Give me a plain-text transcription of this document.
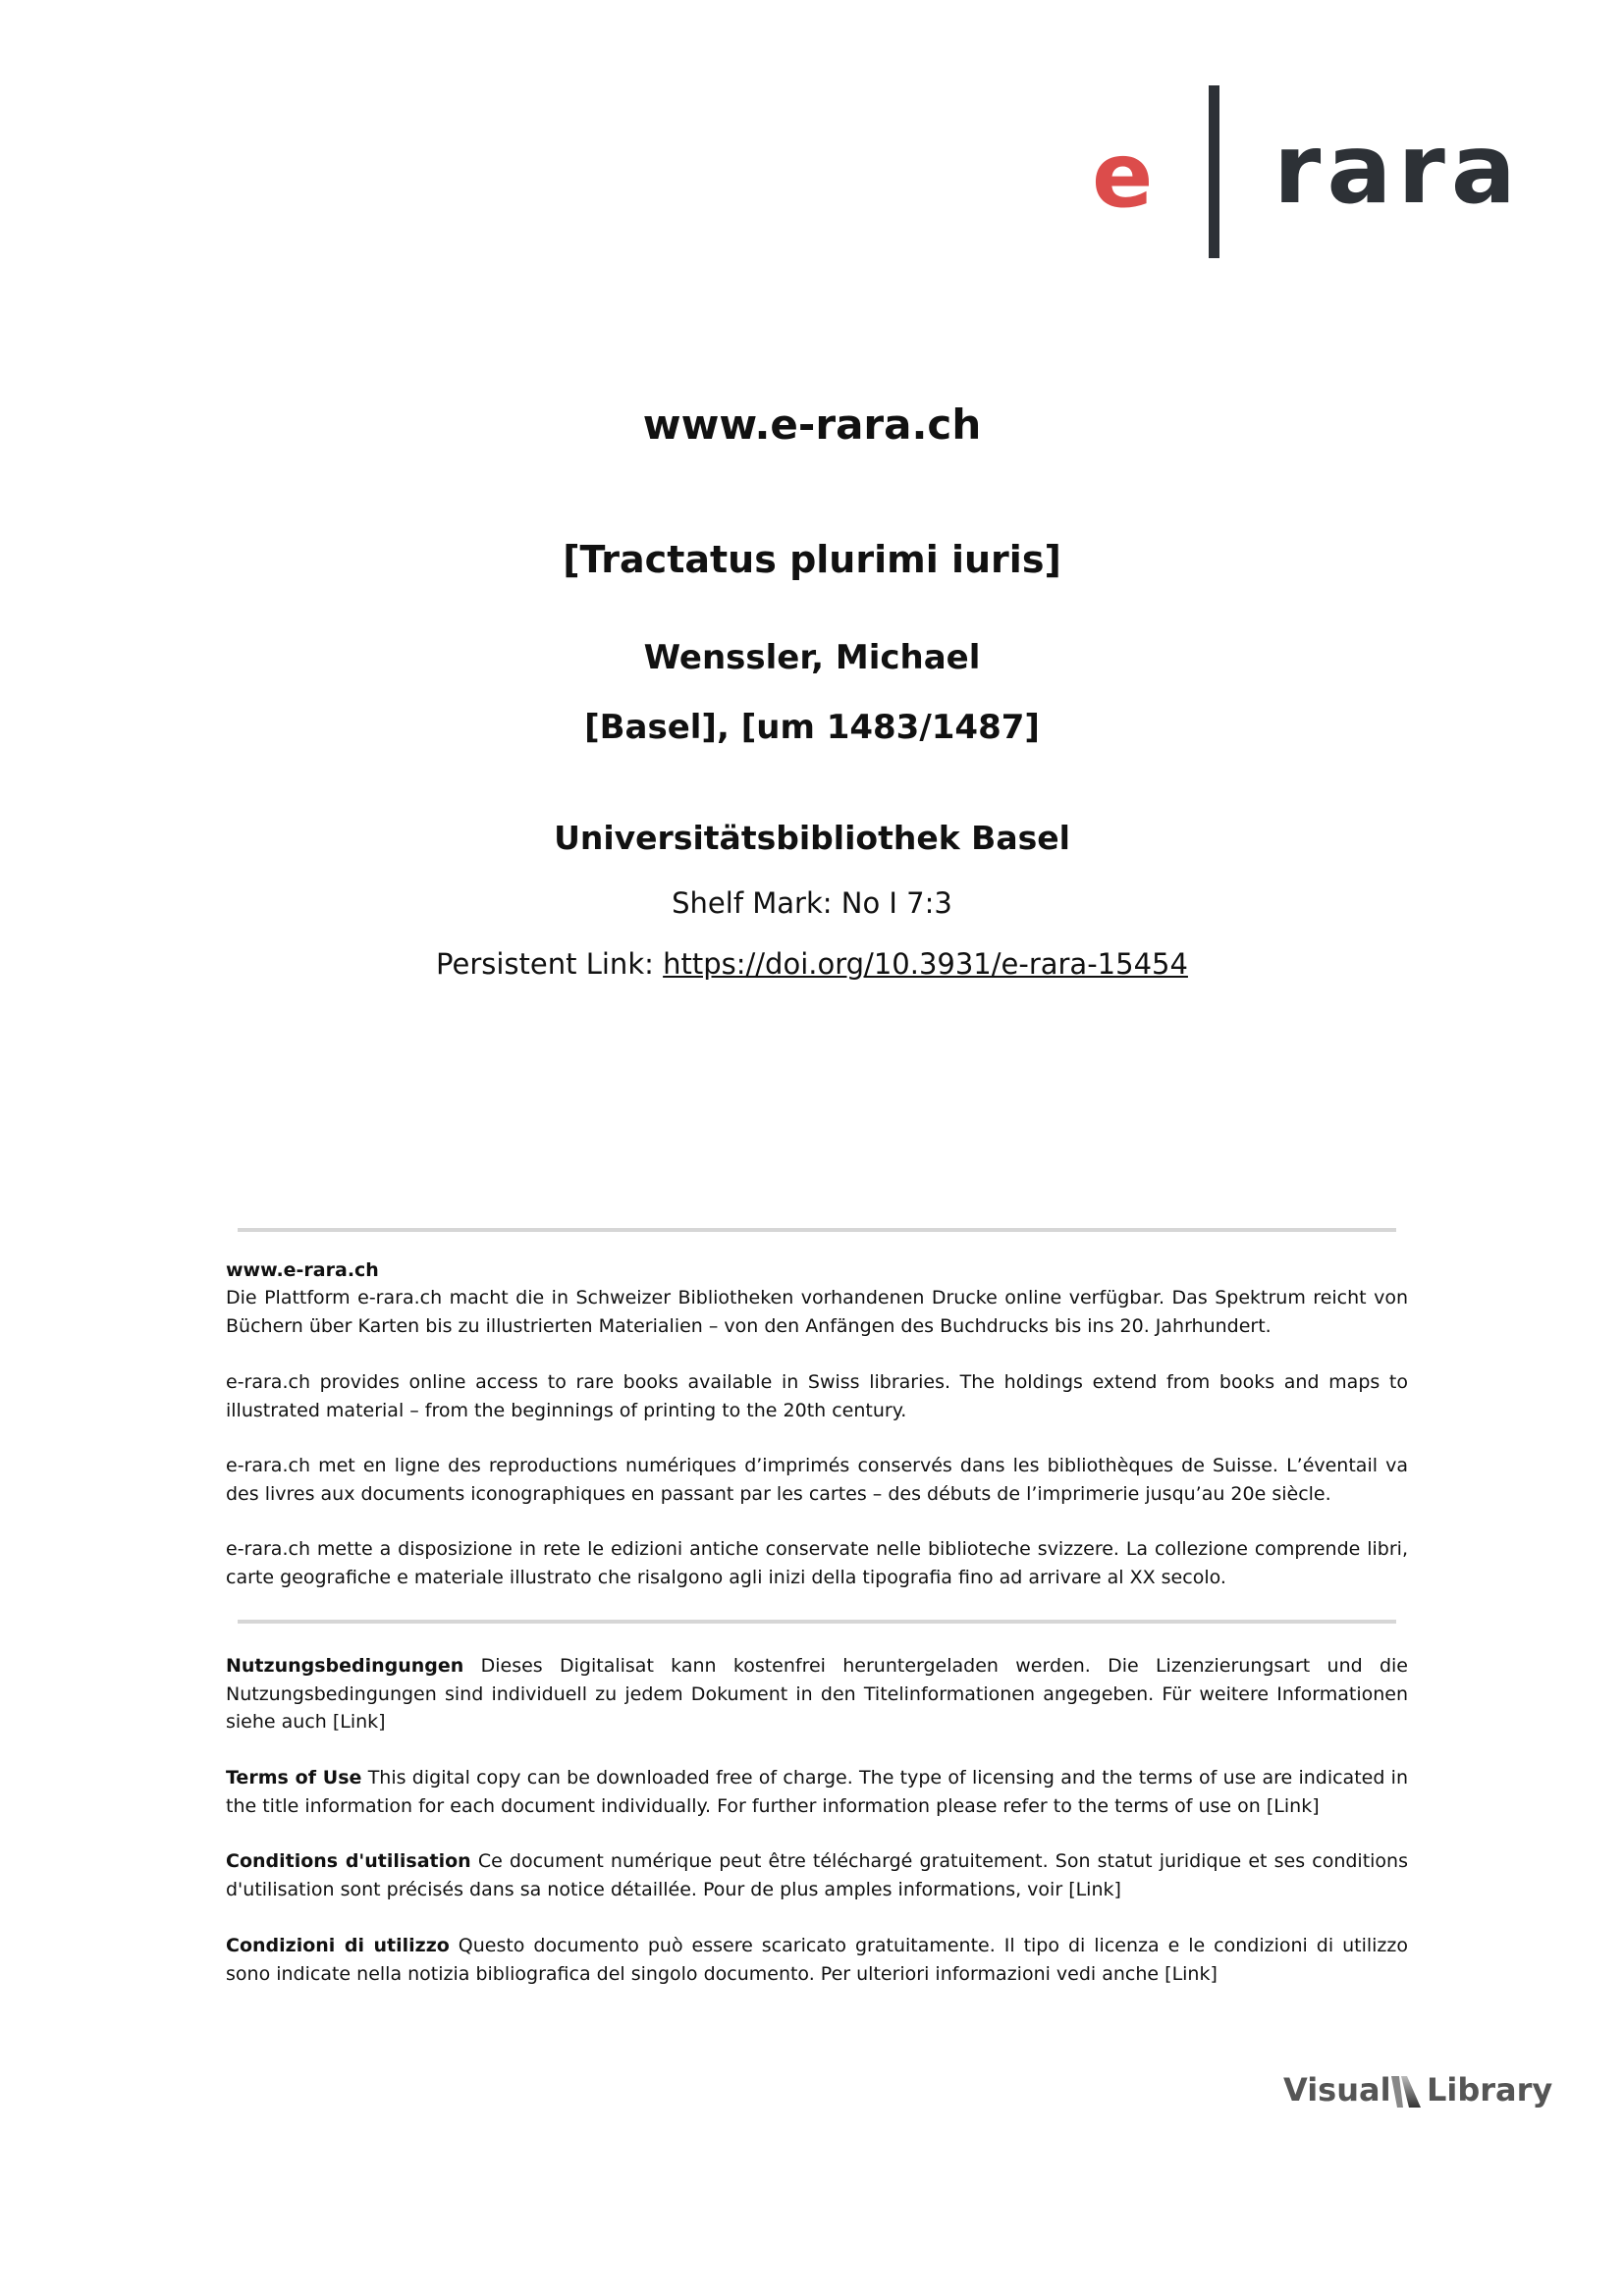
e rara
www.e-rara.ch
[Tractatus plurimi iuris]
Wenssler, Michael
[Basel], [um 1483/1487]
Universitätsbibliothek Basel
Shelf Mark: No I 7:3
Persistent Link: https://doi.org/10.3931/e-rara-15454
www.e-rara.ch

Die Plattform e-rara.ch macht die in Schweizer Bibliotheken vorhandenen Drucke online verfügbar. Das Spektrum reicht von Büchern über Karten bis zu illustrierten Materialien – von den Anfängen des Buchdrucks bis ins 20. Jahrhundert.

e-rara.ch provides online access to rare books available in Swiss libraries. The holdings extend from books and maps to illustrated material – from the beginnings of printing to the 20th century.

e-rara.ch met en ligne des reproductions numériques d’imprimés conservés dans les bibliothèques de Suisse. L’éventail va des livres aux documents iconographiques en passant par les cartes – des débuts de l’imprimerie jusqu’au 20e siècle.

e-rara.ch mette a disposizione in rete le edizioni antiche conservate nelle biblioteche svizzere. La collezione comprende libri, carte geografiche e materiale illustrato che risalgono agli inizi della tipografia fino ad arrivare al XX secolo.

Nutzungsbedingungen Dieses Digitalisat kann kostenfrei heruntergeladen werden. Die Lizenzierungsart und die Nutzungsbedingungen sind individuell zu jedem Dokument in den Titelinformationen angegeben. Für weitere Informationen siehe auch [Link]

Terms of Use This digital copy can be downloaded free of charge. The type of licensing and the terms of use are indicated in the title information for each document individually. For further information please refer to the terms of use on [Link]

Conditions d'utilisation Ce document numérique peut être téléchargé gratuitement. Son statut juridique et ses conditions d'utilisation sont précisés dans sa notice détaillée. Pour de plus amples informations, voir [Link]

Condizioni di utilizzo Questo documento può essere scaricato gratuitamente. Il tipo di licenza e le condizioni di utilizzo sono indicate nella notizia bibliografica del singolo documento. Per ulteriori informazioni vedi anche [Link]

Visual Library
